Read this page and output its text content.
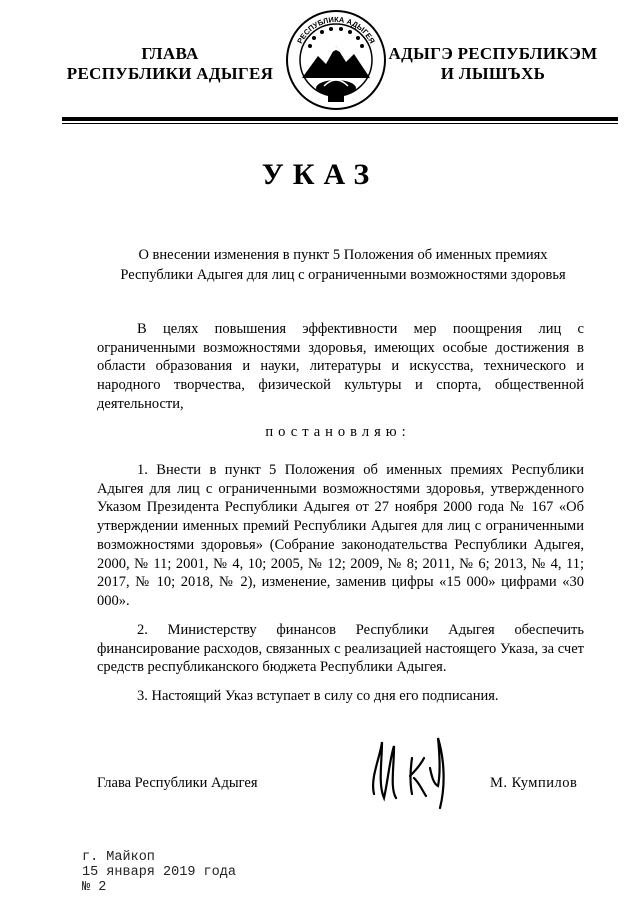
ГЛАВА
РЕСПУБЛИКИ АДЫГЕЯ
РЕСПУБЛИКА АДЫГЕЯ
АДЫГЭ РЕСПУБЛИКЭМ
И ЛЫШЪХЬ
УКАЗ
О внесении изменения в пункт 5 Положения об именных премиях
Республики Адыгея для лиц с ограниченными возможностями здоровья
В целях повышения эффективности мер поощрения лиц с ограниченными возможностями здоровья, имеющих особые достижения в области образования и науки, литературы и искусства, технического и народного творчества, физической культуры и спорта, общественной деятельности,
постановляю:
1. Внести в пункт 5 Положения об именных премиях Республики Адыгея для лиц с ограниченными возможностями здоровья, утвержденного Указом Президента Республики Адыгея от 27 ноября 2000 года № 167 «Об утверждении именных премий Республики Адыгея для лиц с ограниченными возможностями здоровья» (Собрание законодательства Республики Адыгея, 2000, № 11; 2001, № 4, 10; 2005, № 12; 2009, № 8; 2011, № 6; 2013, № 4, 11; 2017, № 10; 2018, № 2), изменение, заменив цифры «15 000» цифрами «30 000».
2. Министерству финансов Республики Адыгея обеспечить финансирование расходов, связанных с реализацией настоящего Указа, за счет средств республиканского бюджета Республики Адыгея.
3. Настоящий Указ вступает в силу со дня его подписания.
Глава Республики Адыгея	М. Кумпилов
г. Майкоп
15 января 2019 года
№ 2
